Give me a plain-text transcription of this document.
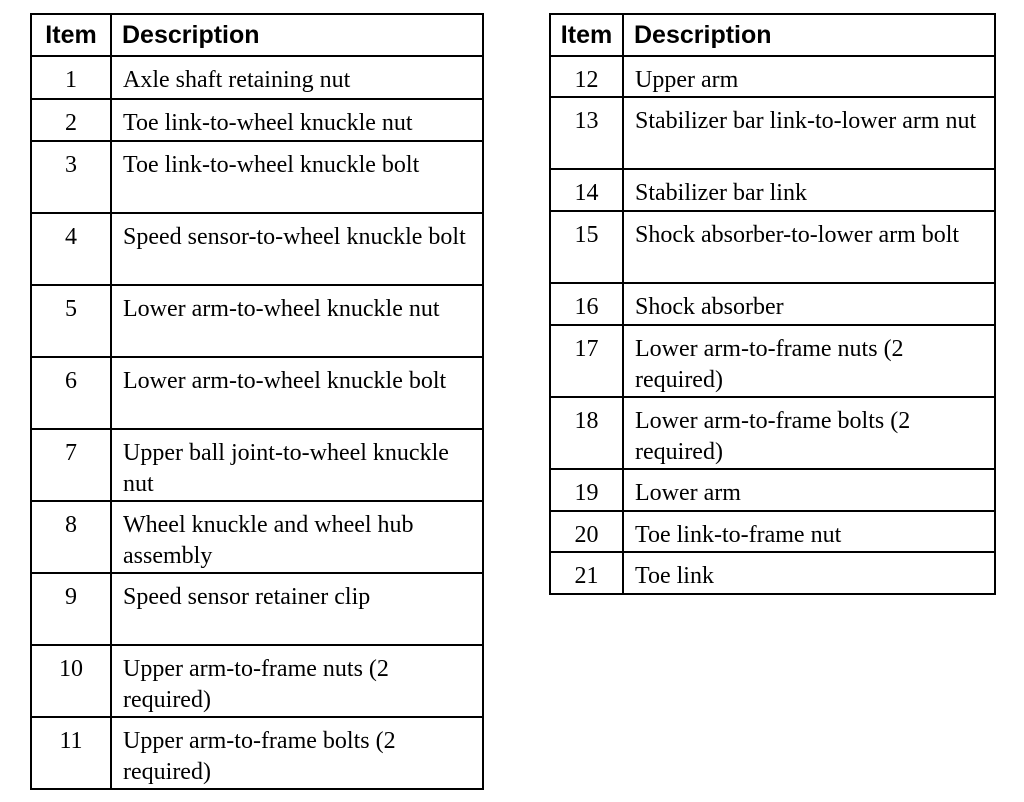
Item	Description
1	Axle shaft retaining nut
2	Toe link-to-wheel knuckle nut
3	Toe link-to-wheel knuckle bolt
4	Speed sensor-to-wheel knuckle bolt
5	Lower arm-to-wheel knuckle nut
6	Lower arm-to-wheel knuckle bolt
7	Upper ball joint-to-wheel knuckle nut
8	Wheel knuckle and wheel hub assembly
9	Speed sensor retainer clip
10	Upper arm-to-frame nuts (2 required)
11	Upper arm-to-frame bolts (2 required)
Item	Description
12	Upper arm
13	Stabilizer bar link-to-lower arm nut
14	Stabilizer bar link
15	Shock absorber-to-lower arm bolt
16	Shock absorber
17	Lower arm-to-frame nuts (2 required)
18	Lower arm-to-frame bolts (2 required)
19	Lower arm
20	Toe link-to-frame nut
21	Toe link
